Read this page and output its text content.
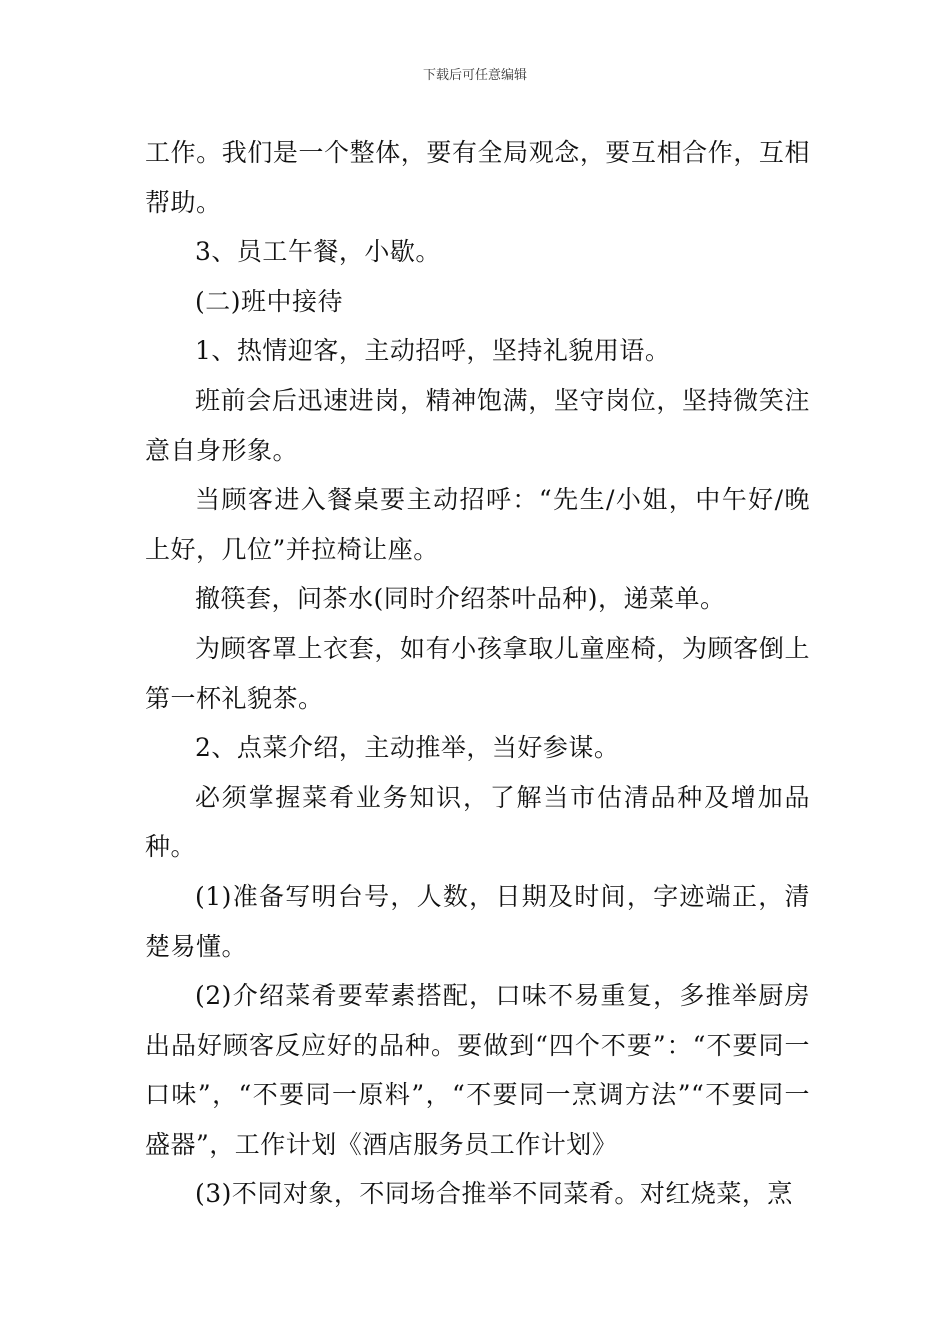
下载后可任意编辑

工作。我们是一个整体，要有全局观念，要互相合作，互相帮助。

3、员工午餐，小歇。

(二)班中接待

1、热情迎客，主动招呼，坚持礼貌用语。

班前会后迅速进岗，精神饱满，坚守岗位，坚持微笑注意自身形象。

当顾客进入餐桌要主动招呼：“先生/小姐，中午好/晚上好，几位”并拉椅让座。

撤筷套，问茶水(同时介绍茶叶品种)，递菜单。

为顾客罩上衣套，如有小孩拿取儿童座椅，为顾客倒上第一杯礼貌茶。

2、点菜介绍，主动推举，当好参谋。

必须掌握菜肴业务知识，了解当市估清品种及增加品种。

(1)准备写明台号，人数，日期及时间，字迹端正，清楚易懂。

(2)介绍菜肴要荤素搭配，口味不易重复，多推举厨房出品好顾客反应好的品种。要做到“四个不要”：“不要同一口味”，“不要同一原料”，“不要同一烹调方法”“不要同一盛器”，工作计划《酒店服务员工作计划》

(3)不同对象，不同场合推举不同菜肴。对红烧菜，烹
